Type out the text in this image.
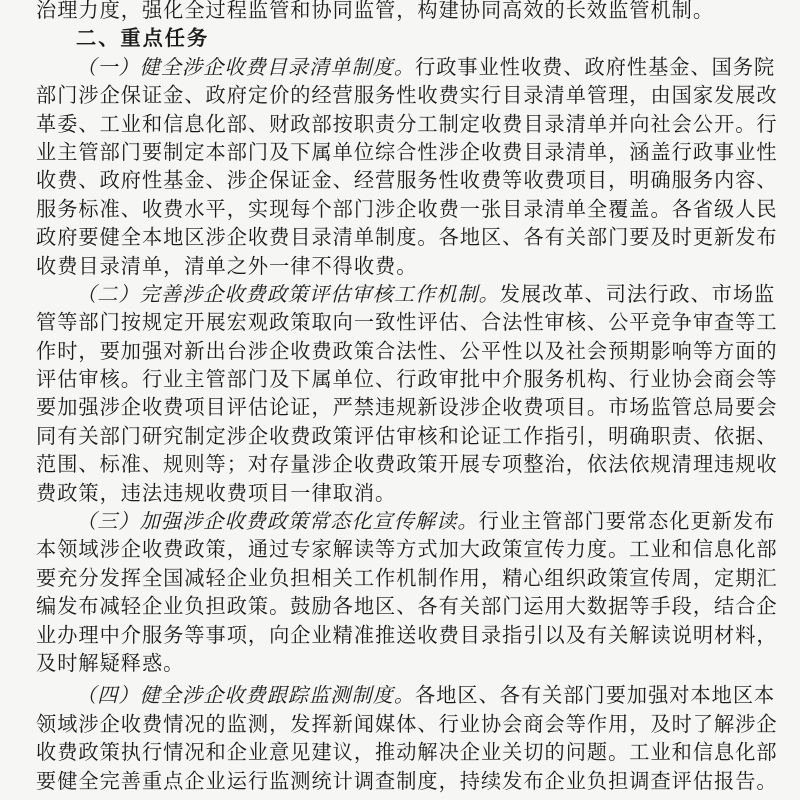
治理力度，强化全过程监管和协同监管，构建协同高效的长效监管机制。
二、重点任务
（一）健全涉企收费目录清单制度。行政事业性收费、政府性基金、国务院
部门涉企保证金、政府定价的经营服务性收费实行目录清单管理，由国家发展改
革委、工业和信息化部、财政部按职责分工制定收费目录清单并向社会公开。行
业主管部门要制定本部门及下属单位综合性涉企收费目录清单，涵盖行政事业性
收费、政府性基金、涉企保证金、经营服务性收费等收费项目，明确服务内容、
服务标准、收费水平，实现每个部门涉企收费一张目录清单全覆盖。各省级人民
政府要健全本地区涉企收费目录清单制度。各地区、各有关部门要及时更新发布
收费目录清单，清单之外一律不得收费。
（二）完善涉企收费政策评估审核工作机制。发展改革、司法行政、市场监
管等部门按规定开展宏观政策取向一致性评估、合法性审核、公平竞争审查等工
作时，要加强对新出台涉企收费政策合法性、公平性以及社会预期影响等方面的
评估审核。行业主管部门及下属单位、行政审批中介服务机构、行业协会商会等
要加强涉企收费项目评估论证，严禁违规新设涉企收费项目。市场监管总局要会
同有关部门研究制定涉企收费政策评估审核和论证工作指引，明确职责、依据、
范围、标准、规则等；对存量涉企收费政策开展专项整治，依法依规清理违规收
费政策，违法违规收费项目一律取消。
（三）加强涉企收费政策常态化宣传解读。行业主管部门要常态化更新发布
本领域涉企收费政策，通过专家解读等方式加大政策宣传力度。工业和信息化部
要充分发挥全国减轻企业负担相关工作机制作用，精心组织政策宣传周，定期汇
编发布减轻企业负担政策。鼓励各地区、各有关部门运用大数据等手段，结合企
业办理中介服务等事项，向企业精准推送收费目录指引以及有关解读说明材料，
及时解疑释惑。
（四）健全涉企收费跟踪监测制度。各地区、各有关部门要加强对本地区本
领域涉企收费情况的监测，发挥新闻媒体、行业协会商会等作用，及时了解涉企
收费政策执行情况和企业意见建议，推动解决企业关切的问题。工业和信息化部
要健全完善重点企业运行监测统计调查制度，持续发布企业负担调查评估报告。
